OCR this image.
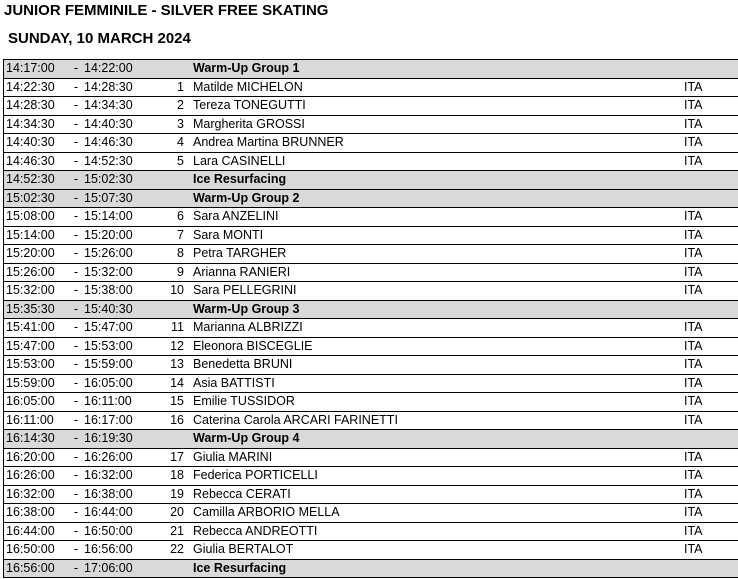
JUNIOR FEMMINILE - SILVER FREE SKATING
SUNDAY, 10 MARCH 2024
14:17:00	-	14:22:00			Warm-Up Group 1	
14:22:30	-	14:28:30	1		Matilde MICHELON	ITA
14:28:30	-	14:34:30	2		Tereza TONEGUTTI	ITA
14:34:30	-	14:40:30	3		Margherita GROSSI	ITA
14:40:30	-	14:46:30	4		Andrea Martina BRUNNER	ITA
14:46:30	-	14:52:30	5		Lara CASINELLI	ITA
14:52:30	-	15:02:30			Ice Resurfacing	
15:02:30	-	15:07:30			Warm-Up Group 2	
15:08:00	-	15:14:00	6		Sara ANZELINI	ITA
15:14:00	-	15:20:00	7		Sara MONTI	ITA
15:20:00	-	15:26:00	8		Petra TARGHER	ITA
15:26:00	-	15:32:00	9		Arianna RANIERI	ITA
15:32:00	-	15:38:00	10		Sara PELLEGRINI	ITA
15:35:30	-	15:40:30			Warm-Up Group 3	
15:41:00	-	15:47:00	11		Marianna ALBRIZZI	ITA
15:47:00	-	15:53:00	12		Eleonora BISCEGLIE	ITA
15:53:00	-	15:59:00	13		Benedetta BRUNI	ITA
15:59:00	-	16:05:00	14		Asia BATTISTI	ITA
16:05:00	-	16:11:00	15		Emilie TUSSIDOR	ITA
16:11:00	-	16:17:00	16		Caterina Carola ARCARI FARINETTI	ITA
16:14:30	-	16:19:30			Warm-Up Group 4	
16:20:00	-	16:26:00	17		Giulia MARINI	ITA
16:26:00	-	16:32:00	18		Federica PORTICELLI	ITA
16:32:00	-	16:38:00	19		Rebecca CERATI	ITA
16:38:00	-	16:44:00	20		Camilla ARBORIO MELLA	ITA
16:44:00	-	16:50:00	21		Rebecca ANDREOTTI	ITA
16:50:00	-	16:56:00	22		Giulia BERTALOT	ITA
16:56:00	-	17:06:00			Ice Resurfacing	
